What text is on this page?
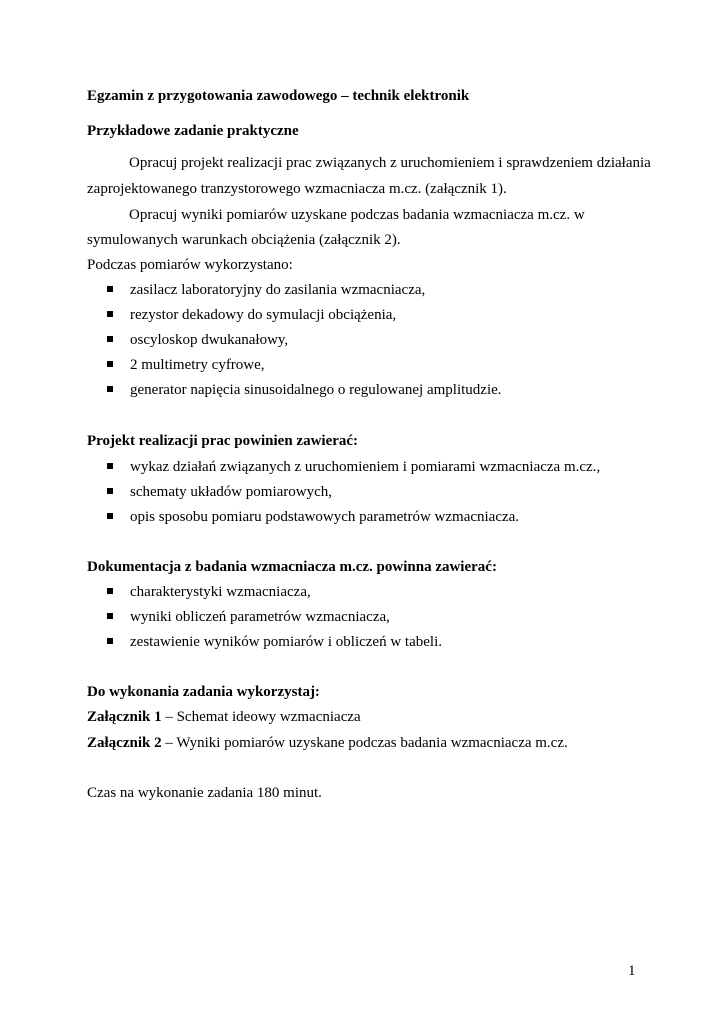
Egzamin z przygotowania zawodowego – technik elektronik
Przykładowe zadanie praktyczne
Opracuj projekt realizacji prac związanych z uruchomieniem i sprawdzeniem działania
zaprojektowanego tranzystorowego wzmacniacza m.cz. (załącznik 1).
Opracuj wyniki pomiarów uzyskane podczas badania wzmacniacza m.cz. w
symulowanych warunkach obciążenia (załącznik 2).
Podczas pomiarów wykorzystano:
zasilacz laboratoryjny do zasilania wzmacniacza,
rezystor dekadowy do symulacji obciążenia,
oscyloskop dwukanałowy,
2 multimetry cyfrowe,
generator napięcia sinusoidalnego o regulowanej amplitudzie.
Projekt realizacji prac powinien zawierać:
wykaz działań związanych z uruchomieniem i pomiarami wzmacniacza m.cz.,
schematy układów pomiarowych,
opis sposobu pomiaru podstawowych parametrów wzmacniacza.
Dokumentacja z badania wzmacniacza m.cz. powinna zawierać:
charakterystyki wzmacniacza,
wyniki obliczeń parametrów wzmacniacza,
zestawienie wyników pomiarów i obliczeń w tabeli.
Do wykonania zadania wykorzystaj:
Załącznik 1 – Schemat ideowy wzmacniacza
Załącznik 2 – Wyniki pomiarów uzyskane podczas badania wzmacniacza m.cz.
Czas na wykonanie zadania 180 minut.
1
